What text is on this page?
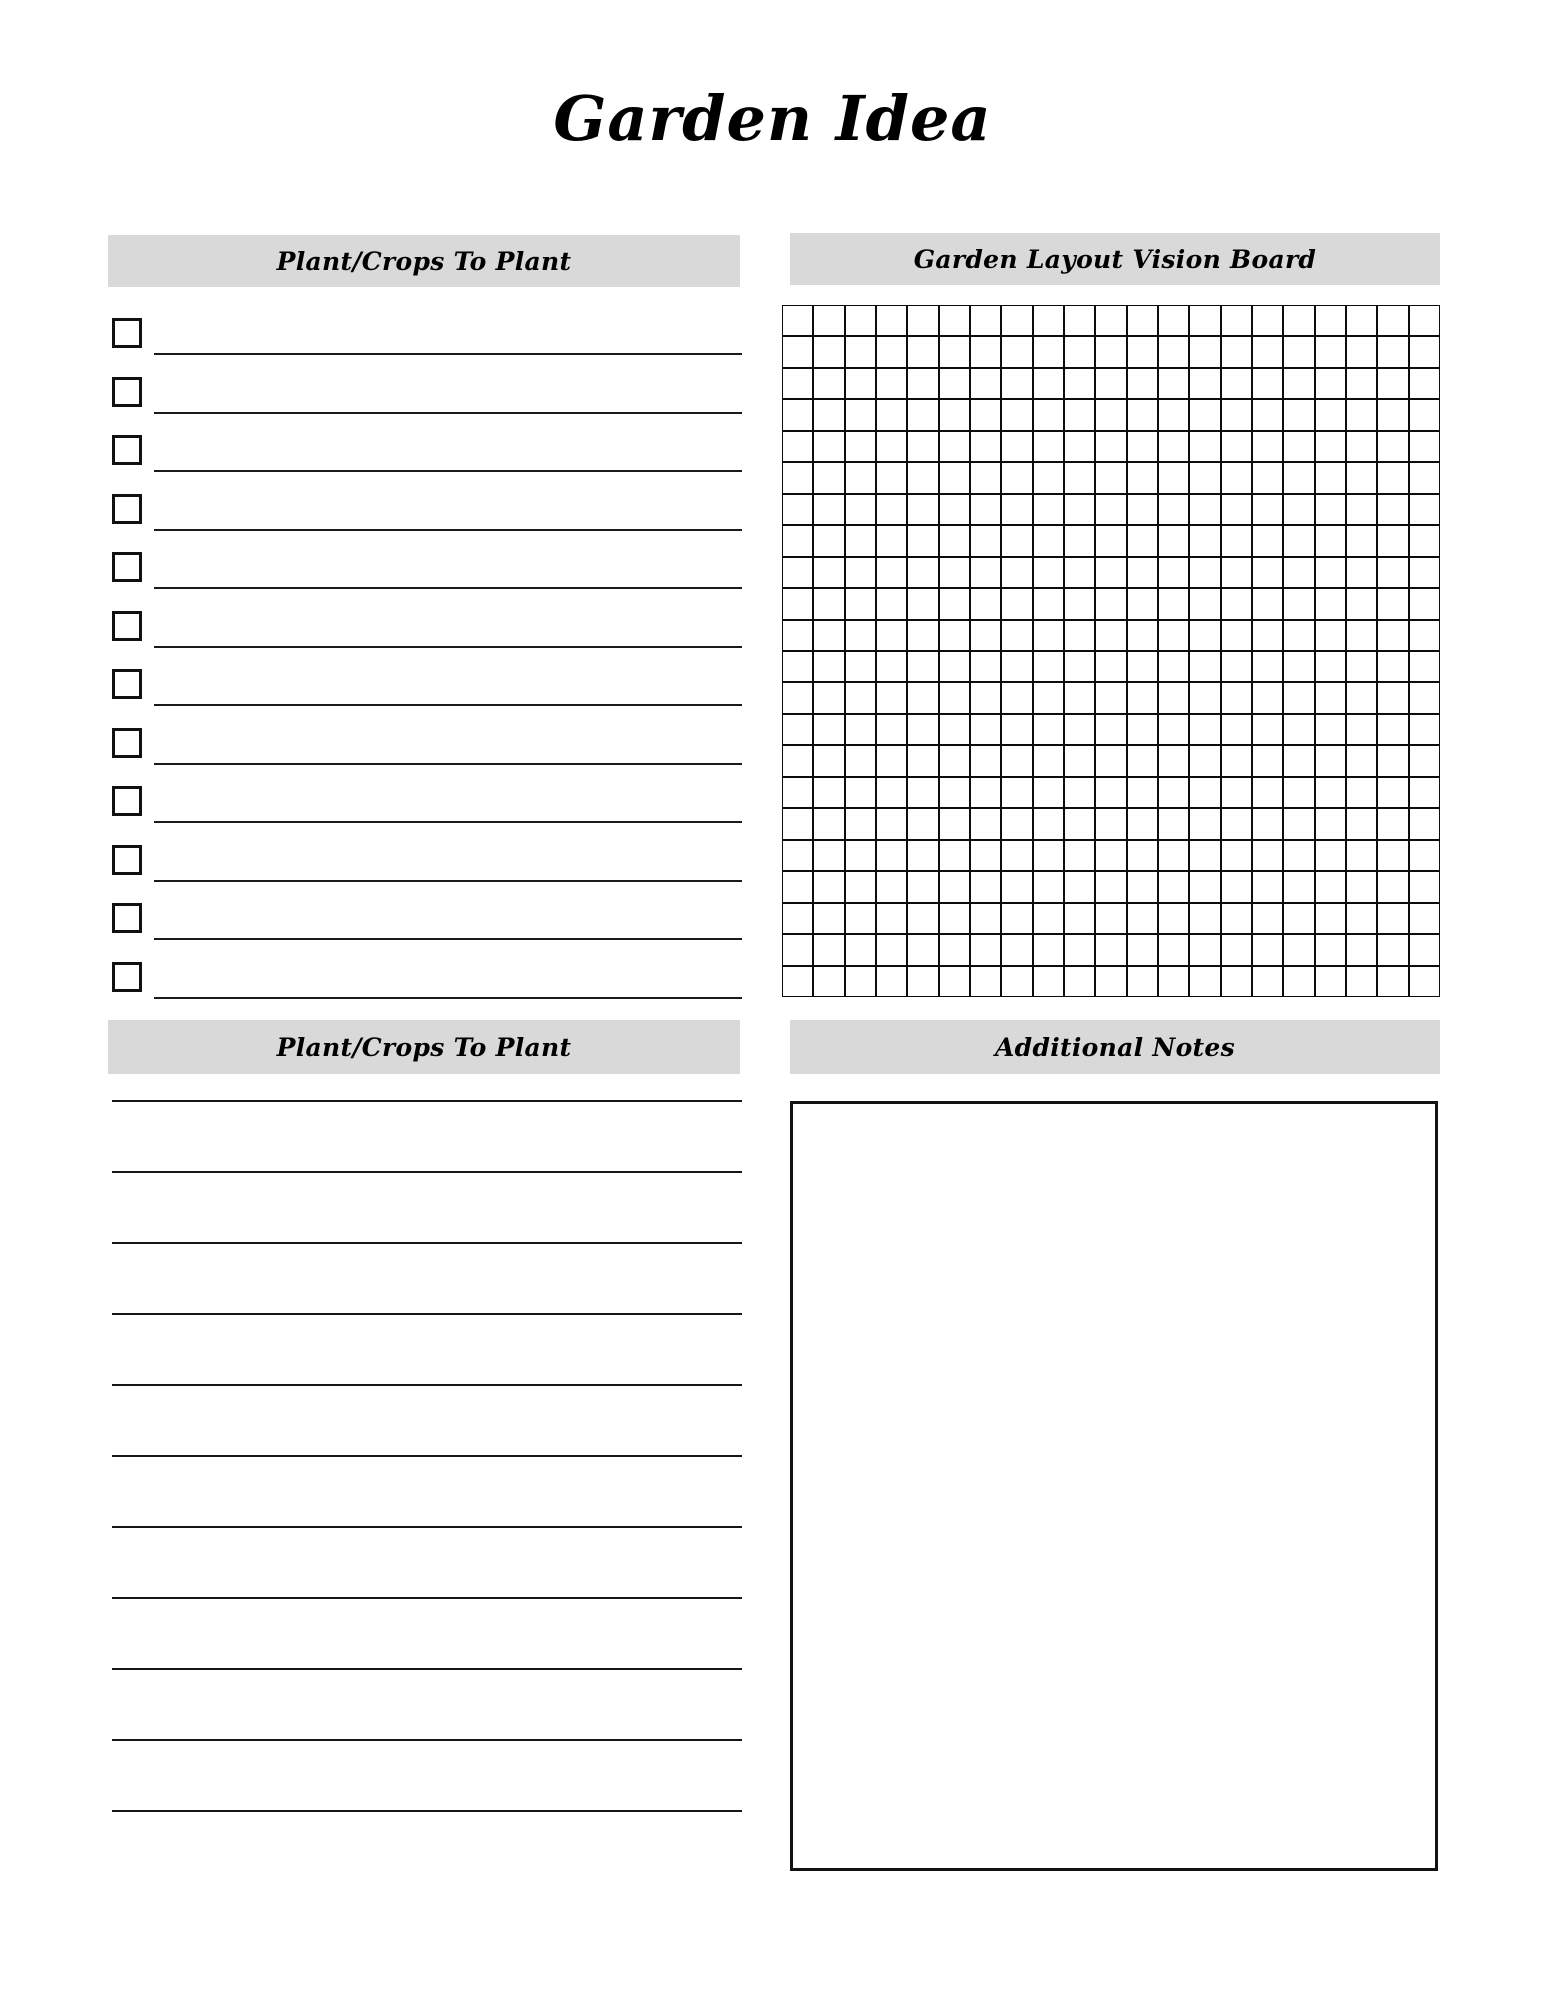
Garden Idea
Plant/Crops To Plant	Garden Layout Vision Board
Plant/Crops To Plant	Additional Notes
